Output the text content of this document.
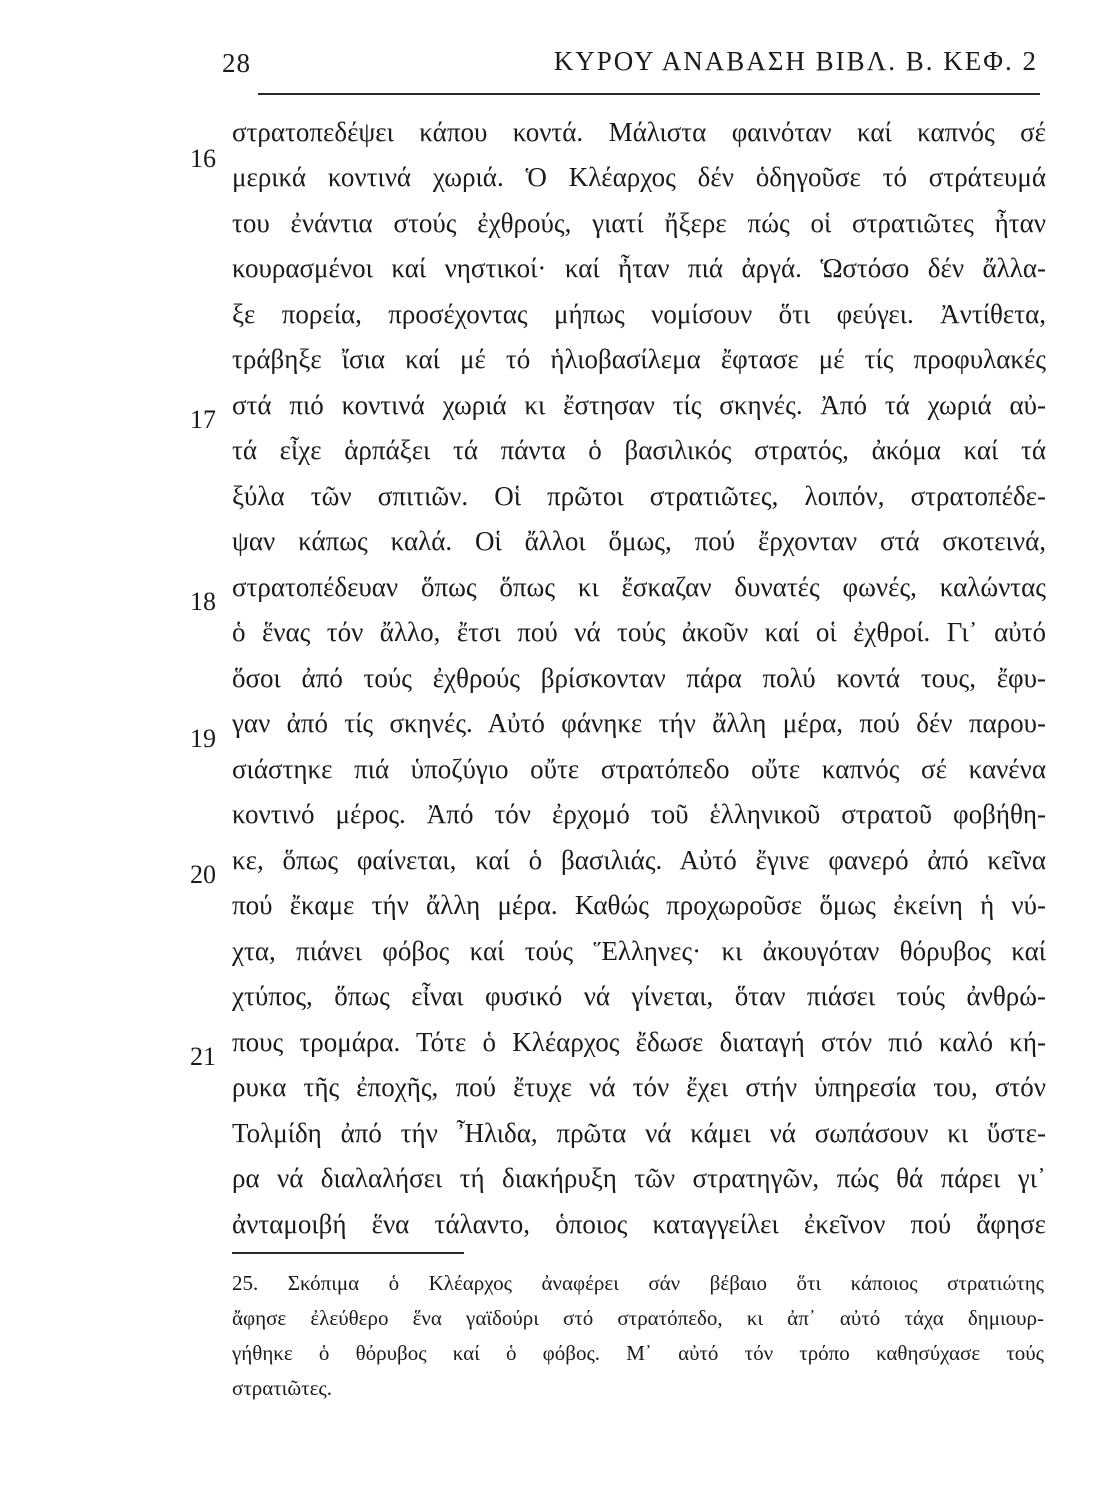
28	ΚΥΡΟΥ ΑΝΑΒΑΣΗ ΒΙΒΛ. Β. ΚΕΦ. 2
16
17
18
19
20
21
στρατοπεδέψει κάπου κοντά. Μάλιστα φαινόταν καί καπνός σέ
μερικά κοντινά χωριά. Ὁ Κλέαρχος δέν ὁδηγοῦσε τό στράτευμά
του ἐνάντια στούς ἐχθρούς, γιατί ἤξερε πώς οἱ στρατιῶτες ἦταν
κουρασμένοι καί νηστικοί· καί ἦταν πιά ἀργά. Ὡστόσο δέν ἄλλα-
ξε πορεία, προσέχοντας μήπως νομίσουν ὅτι φεύγει. Ἀντίθετα,
τράβηξε ἴσια καί μέ τό ἡλιοβασίλεμα ἔφτασε μέ τίς προφυλακές
στά πιό κοντινά χωριά κι ἔστησαν τίς σκηνές. Ἀπό τά χωριά αὐ-
τά εἶχε ἁρπάξει τά πάντα ὁ βασιλικός στρατός, ἀκόμα καί τά
ξύλα τῶν σπιτιῶν. Οἱ πρῶτοι στρατιῶτες, λοιπόν, στρατοπέδε-
ψαν κάπως καλά. Οἱ ἄλλοι ὅμως, πού ἔρχονταν στά σκοτεινά,
στρατοπέδευαν ὅπως ὅπως κι ἔσκαζαν δυνατές φωνές, καλώντας
ὁ ἕνας τόν ἄλλο, ἔτσι πού νά τούς ἀκοῦν καί οἱ ἐχθροί. Γι᾽ αὐτό
ὅσοι ἀπό τούς ἐχθρούς βρίσκονταν πάρα πολύ κοντά τους, ἔφυ-
γαν ἀπό τίς σκηνές. Αὐτό φάνηκε τήν ἄλλη μέρα, πού δέν παρου-
σιάστηκε πιά ὑποζύγιο οὔτε στρατόπεδο οὔτε καπνός σέ κανένα
κοντινό μέρος. Ἀπό τόν ἐρχομό τοῦ ἑλληνικοῦ στρατοῦ φοβήθη-
κε, ὅπως φαίνεται, καί ὁ βασιλιάς. Αὐτό ἔγινε φανερό ἀπό κεῖνα
πού ἔκαμε τήν ἄλλη μέρα. Καθώς προχωροῦσε ὅμως ἐκείνη ἡ νύ-
χτα, πιάνει φόβος καί τούς Ἕλληνες· κι ἀκουγόταν θόρυβος καί
χτύπος, ὅπως εἶναι φυσικό νά γίνεται, ὅταν πιάσει τούς ἀνθρώ-
πους τρομάρα. Τότε ὁ Κλέαρχος ἔδωσε διαταγή στόν πιό καλό κή-
ρυκα τῆς ἐποχῆς, πού ἔτυχε νά τόν ἔχει στήν ὑπηρεσία του, στόν
Τολμίδη ἀπό τήν Ἦλιδα, πρῶτα νά κάμει νά σωπάσουν κι ὕστε-
ρα νά διαλαλήσει τή διακήρυξη τῶν στρατηγῶν, πώς θά πάρει γι᾽
ἀνταμοιβή ἕνα τάλαντο, ὁποιος καταγγείλει ἐκεῖνον πού ἄφησε
25. Σκόπιμα ὁ Κλέαρχος ἀναφέρει σάν βέβαιο ὅτι κάποιος στρατιώτης
ἄφησε ἐλεύθερο ἕνα γαϊδούρι στό στρατόπεδο, κι ἀπ᾽ αὐτό τάχα δημιουρ-
γήθηκε ὁ θόρυβος καί ὁ φόβος. Μ᾽ αὐτό τόν τρόπο καθησύχασε τούς
στρατιῶτες.
